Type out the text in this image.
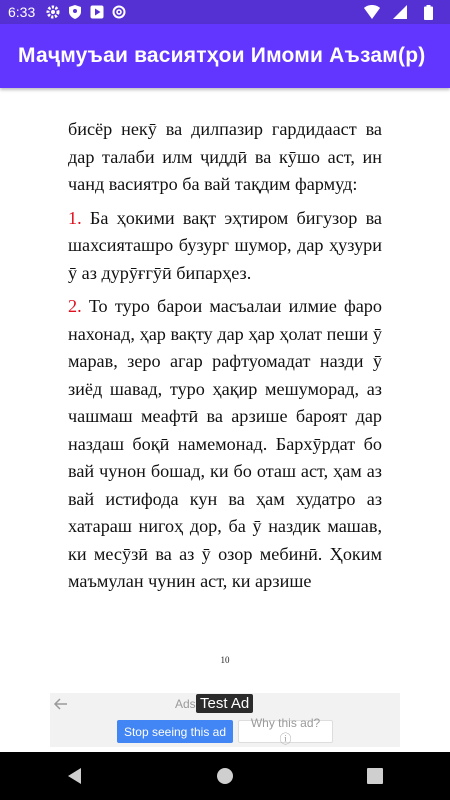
6:33
Маҷмуъаи васиятҳои Имоми Аъзам(р)

бисёр некӯ ва дилпазир гардидааст ва дар талаби илм ҷиддӣ ва кӯшо аст, ин чанд васиятро ба вай тақдим фармуд:

1. Ба ҳокими вақт эҳтиром бигузор ва шахсияташро бузург шумор, дар ҳузури ӯ аз дурӯғгӯӣ бипарҳез.

2. То туро барои масъалаи илмие фаро нахонад, ҳар вақту дар ҳар ҳолат пеши ӯ марав, зеро агар рафтуомадат назди ӯ зиёд шавад, туро ҳақир мешуморад, аз чашмаш меафтӣ ва арзише бароят дар наздаш боқӣ намемонад. Бархӯрдат бо вай чунон бошад, ки бо оташ аст, ҳам аз вай истифода кун ва ҳам худатро аз хатараш нигоҳ дор, ба ӯ наздик машав, ки месӯзӣ ва аз ӯ озор мебинӣ. Ҳоким маъмулан чунин аст, ки арзише

10
Ads Test Ad
Stop seeing this ad
Why this ad? ⓘ
